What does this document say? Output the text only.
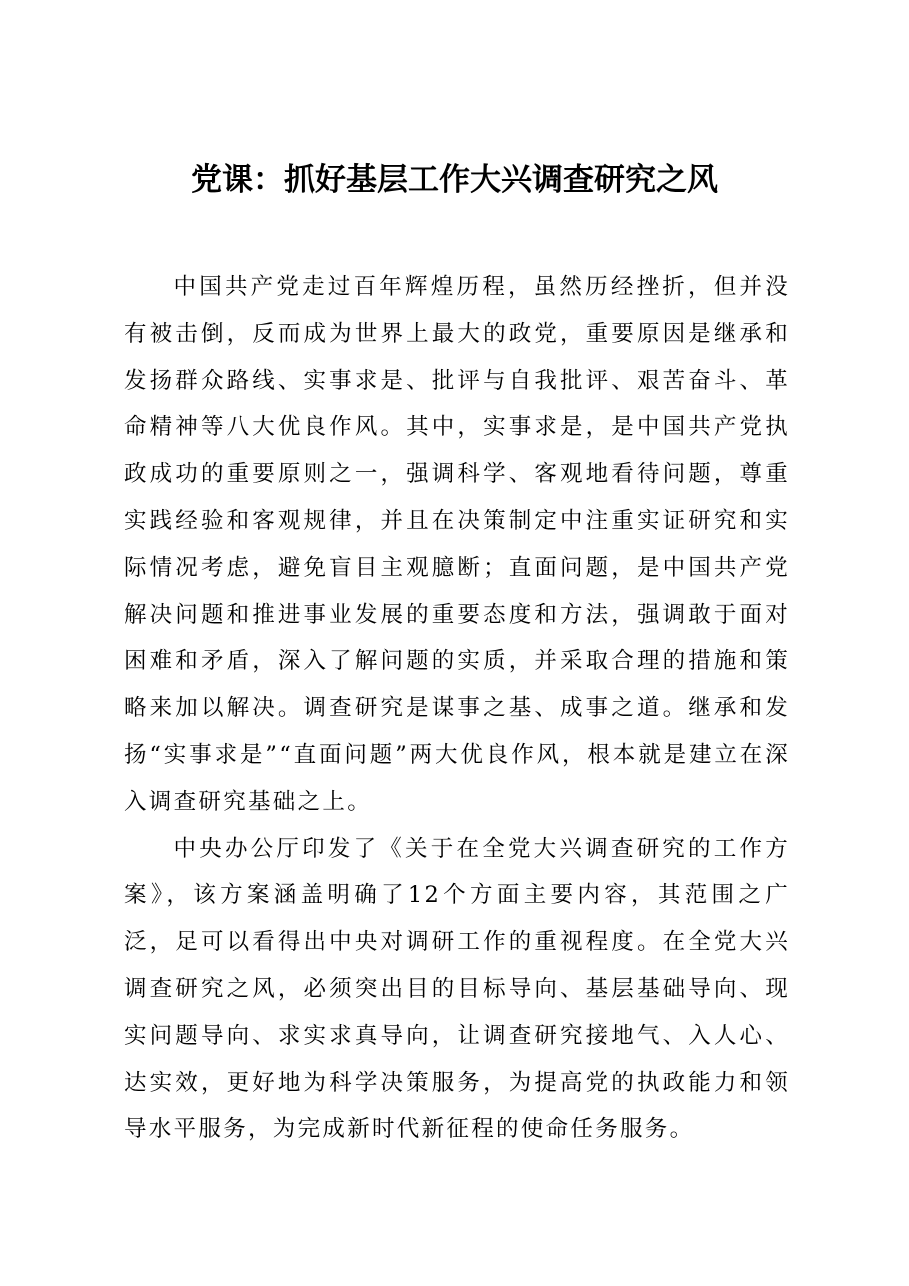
党课：抓好基层工作大兴调查研究之风

中国共产党走过百年辉煌历程，虽然历经挫折，但并没有被击倒，反而成为世界上最大的政党，重要原因是继承和发扬群众路线、实事求是、批评与自我批评、艰苦奋斗、革命精神等八大优良作风。其中，实事求是，是中国共产党执政成功的重要原则之一，强调科学、客观地看待问题，尊重实践经验和客观规律，并且在决策制定中注重实证研究和实际情况考虑，避免盲目主观臆断；直面问题，是中国共产党解决问题和推进事业发展的重要态度和方法，强调敢于面对困难和矛盾，深入了解问题的实质，并采取合理的措施和策略来加以解决。调查研究是谋事之基、成事之道。继承和发扬“实事求是”“直面问题”两大优良作风，根本就是建立在深入调查研究基础之上。

中央办公厅印发了《关于在全党大兴调查研究的工作方案》，该方案涵盖明确了12个方面主要内容，其范围之广泛，足可以看得出中央对调研工作的重视程度。在全党大兴调查研究之风，必须突出目的目标导向、基层基础导向、现实问题导向、求实求真导向，让调查研究接地气、入人心、达实效，更好地为科学决策服务，为提高党的执政能力和领导水平服务，为完成新时代新征程的使命任务服务。
